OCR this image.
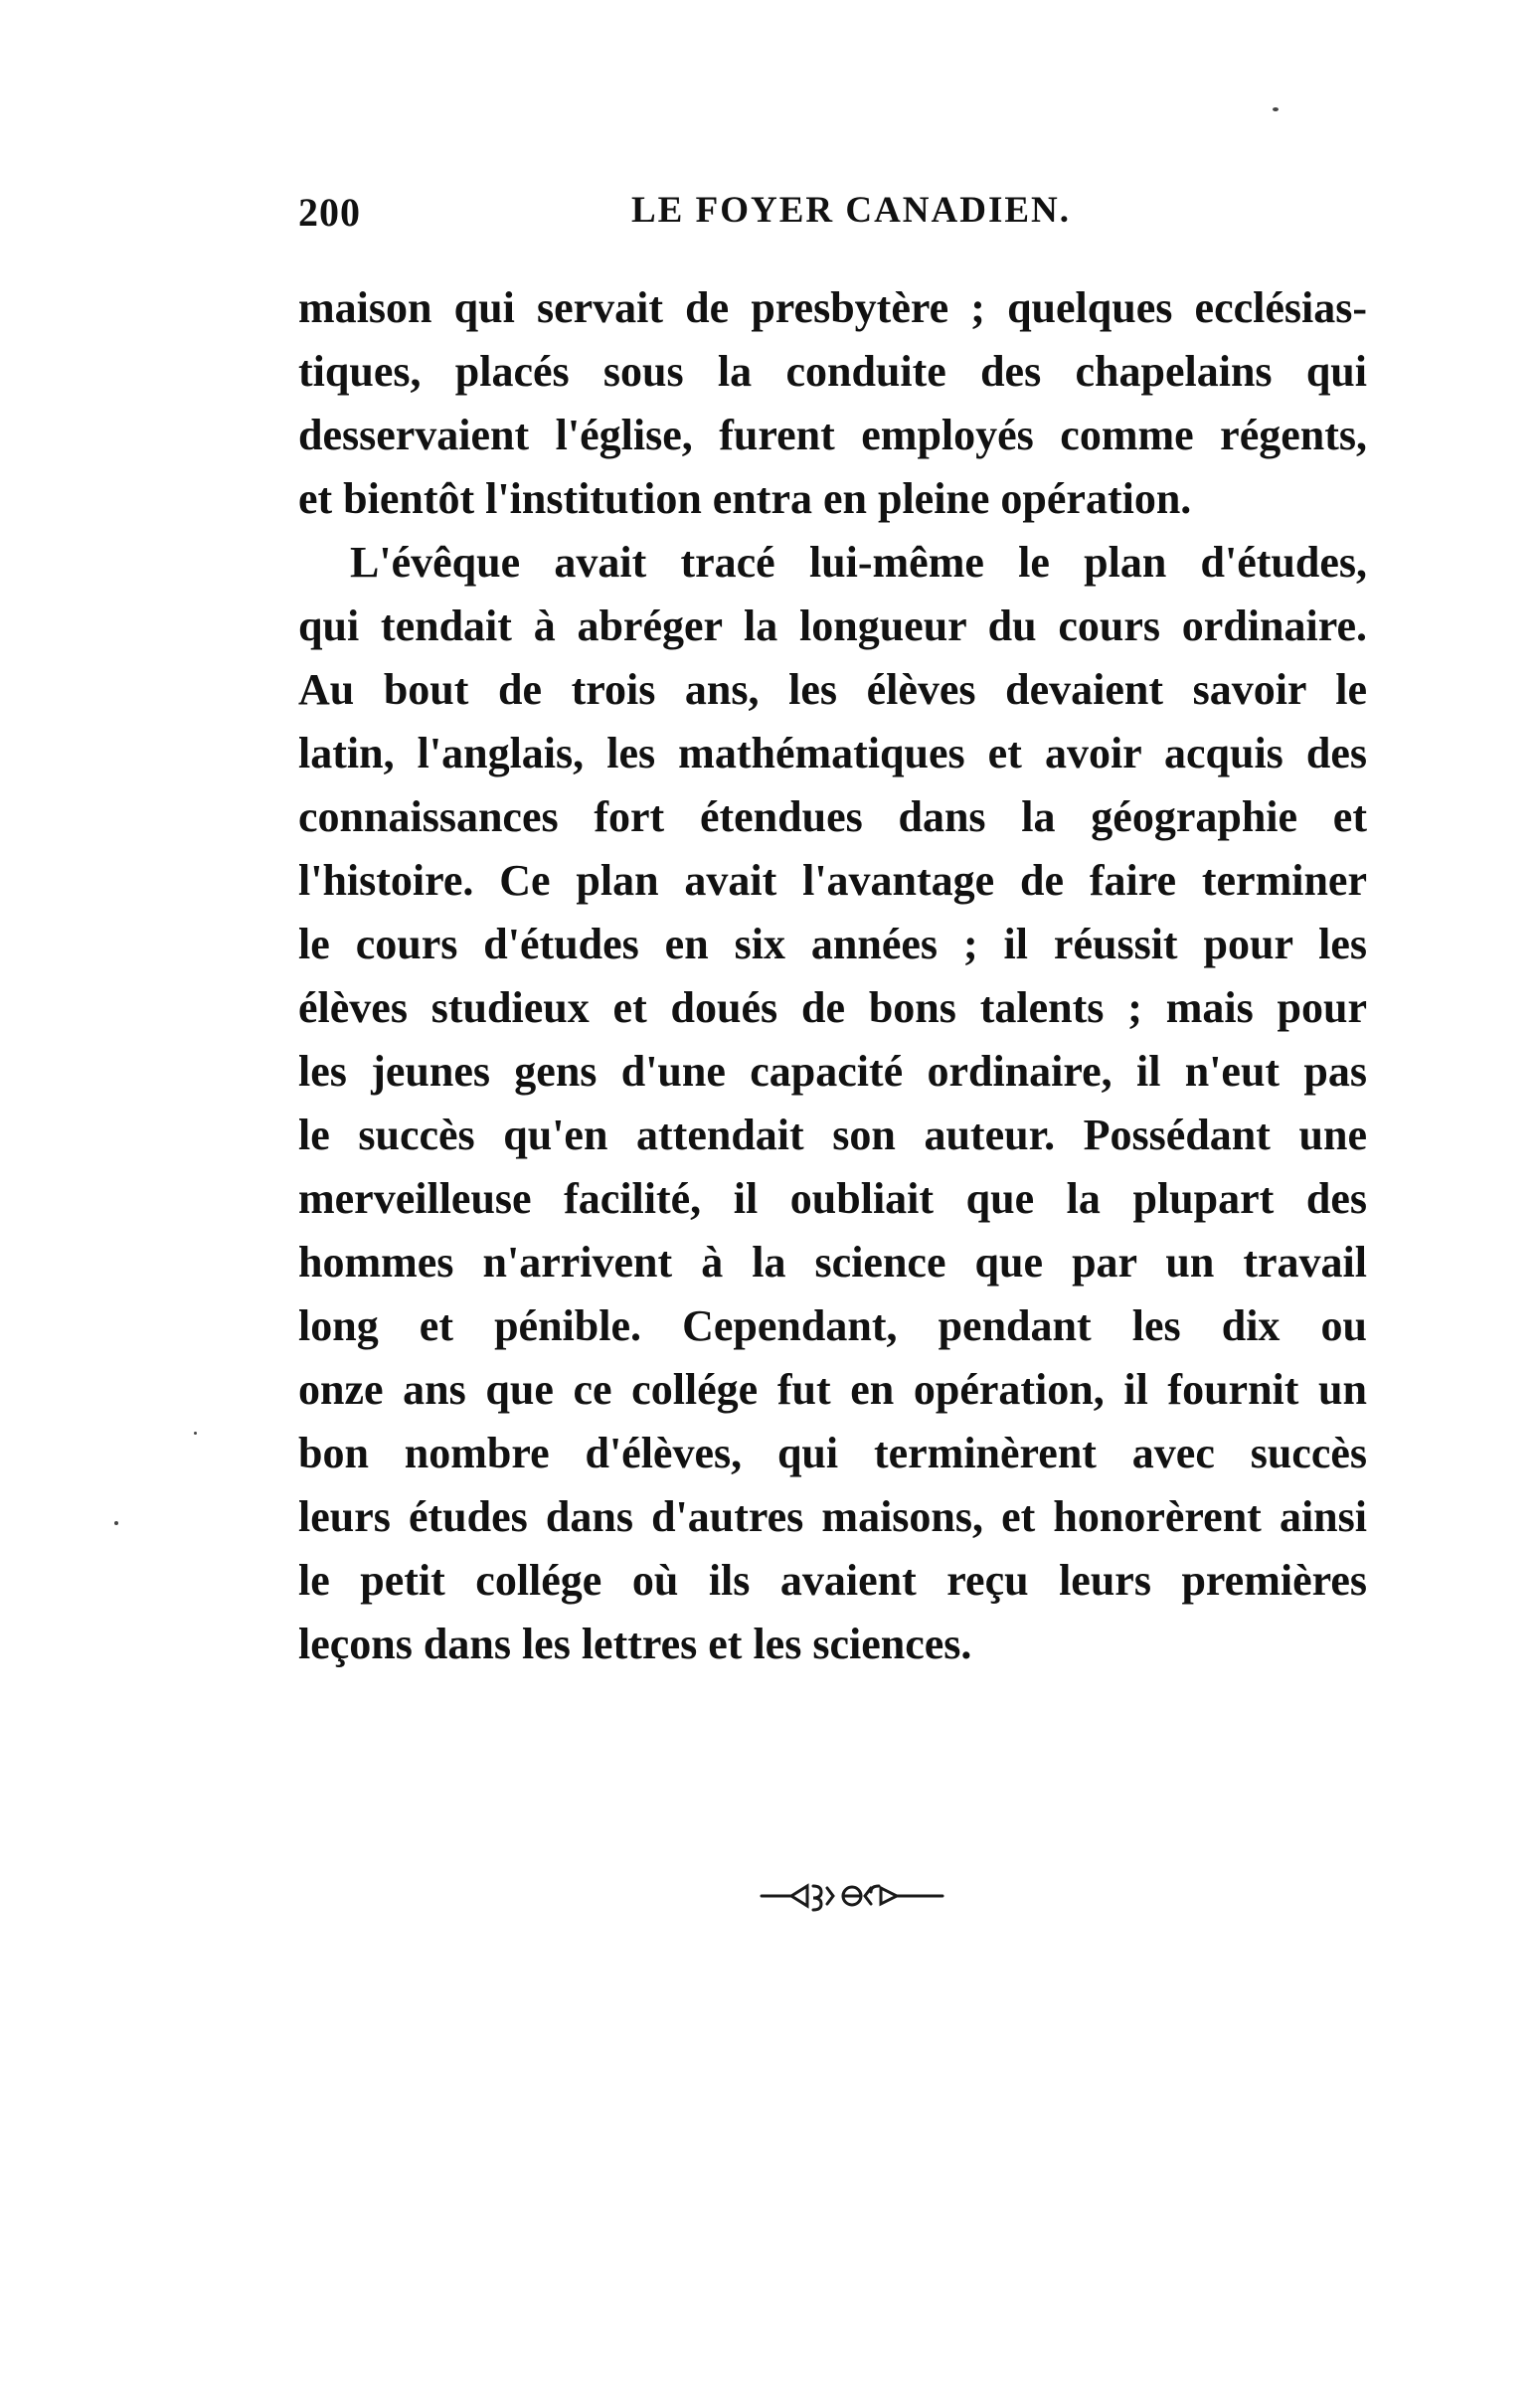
200	LE FOYER CANADIEN.
maison qui servait de presbytère ; quelques ecclésias-
tiques, placés sous la conduite des chapelains qui
desservaient l'église, furent employés comme régents,
et bientôt l'institution entra en pleine opération.
L'évêque avait tracé lui-même le plan d'études,
qui tendait à abréger la longueur du cours ordinaire.
Au bout de trois ans, les élèves devaient savoir le
latin, l'anglais, les mathématiques et avoir acquis des
connaissances fort étendues dans la géographie et
l'histoire. Ce plan avait l'avantage de faire terminer
le cours d'études en six années ; il réussit pour les
élèves studieux et doués de bons talents ; mais pour
les jeunes gens d'une capacité ordinaire, il n'eut pas
le succès qu'en attendait son auteur. Possédant une
merveilleuse facilité, il oubliait que la plupart des
hommes n'arrivent à la science que par un travail
long et pénible. Cependant, pendant les dix ou
onze ans que ce collége fut en opération, il fournit un
bon nombre d'élèves, qui terminèrent avec succès
leurs études dans d'autres maisons, et honorèrent ainsi
le petit collége où ils avaient reçu leurs premières
leçons dans les lettres et les sciences.
